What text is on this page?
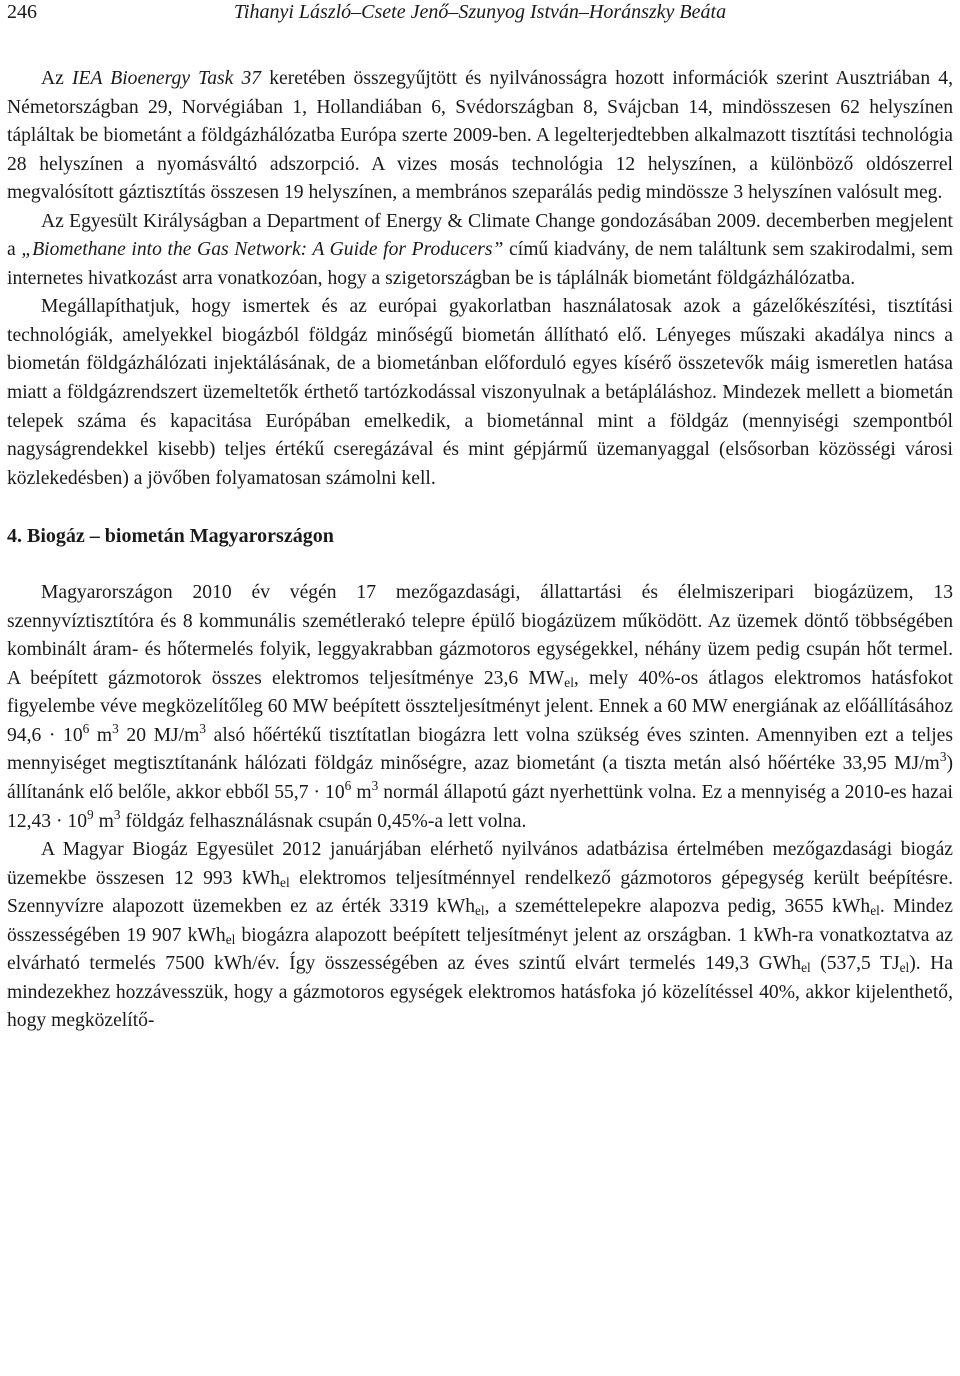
246	Tihanyi László–Csete Jenő–Szunyog István–Horánszky Beáta

Az IEA Bioenergy Task 37 keretében összegyűjtött és nyilvánosságra hozott információk szerint Ausztriában 4, Németországban 29, Norvégiában 1, Hollandiában 6, Svédországban 8, Svájcban 14, mindösszesen 62 helyszínen tápláltak be biometánt a földgázhálózatba Európa szerte 2009-ben. A legelterjedtebben alkalmazott tisztítási technológia 28 helyszínen a nyomásváltó adszorpció. A vizes mosás technológia 12 helyszínen, a különböző oldószerrel megvalósított gáztisztítás összesen 19 helyszínen, a membrános szeparálás pedig mindössze 3 helyszínen valósult meg.

Az Egyesült Királyságban a Department of Energy & Climate Change gondozásában 2009. decemberben megjelent a „Biomethane into the Gas Network: A Guide for Producers” című kiadvány, de nem találtunk sem szakirodalmi, sem internetes hivatkozást arra vonatkozóan, hogy a szigetországban be is táplálnák biometánt földgázhálózatba.

Megállapíthatjuk, hogy ismertek és az európai gyakorlatban használatosak azok a gázelőkészítési, tisztítási technológiák, amelyekkel biogázból földgáz minőségű biometán állítható elő. Lényeges műszaki akadálya nincs a biometán földgázhálózati injektálásának, de a biometánban előforduló egyes kísérő összetevők máig ismeretlen hatása miatt a földgázrendszert üzemeltetők érthető tartózkodással viszonyulnak a betápláláshoz. Mindezek mellett a biometán telepek száma és kapacitása Európában emelkedik, a biometánnal mint a földgáz (mennyiségi szempontból nagyságrendekkel kisebb) teljes értékű cseregázával és mint gépjármű üzemanyaggal (elsősorban közösségi városi közlekedésben) a jövőben folyamatosan számolni kell.

4. Biogáz – biometán Magyarországon

Magyarországon 2010 év végén 17 mezőgazdasági, állattartási és élelmiszeripari biogázüzem, 13 szennyvíztisztítóra és 8 kommunális szemétlerakó telepre épülő biogázüzem működött. Az üzemek döntő többségében kombinált áram- és hőtermelés folyik, leggyakrabban gázmotoros egységekkel, néhány üzem pedig csupán hőt termel. A beépített gázmotorok összes elektromos teljesítménye 23,6 $MW_{el}$, mely 40%-os átlagos elektromos hatásfokot figyelembe véve megközelítőleg 60 MW beépített összteljesítményt jelent. Ennek a 60 MW energiának az előállításához $94,6 \cdot 10^6$ $m^3$ 20 $MJ/m^3$ alsó hőértékű tisztítatlan biogázra lett volna szükség éves szinten. Amennyiben ezt a teljes mennyiséget megtisztítanánk hálózati földgáz minőségre, azaz biometánt (a tiszta metán alsó hőértéke 33,95 $MJ/m^3$) állítanánk elő belőle, akkor ebből $55,7 \cdot 10^6$ $m^3$ normál állapotú gázt nyerhettünk volna. Ez a mennyiség a 2010-es hazai $12,43 \cdot 10^9$ $m^3$ földgáz felhasználásnak csupán 0,45%-a lett volna.

A Magyar Biogáz Egyesület 2012 januárjában elérhető nyilvános adatbázisa értelmében mezőgazdasági biogáz üzemekbe összesen 12 993 kWh$_{el}$ elektromos teljesítménnyel rendelkező gázmotoros gépegység került beépítésre. Szennyvízre alapozott üzemekben ez az érték 3319 kWh$_{el}$, a szeméttelepekre alapozva pedig, 3655 kWh$_{el}$. Mindez összességében 19 907 kWh$_{el}$ biogázra alapozott beépített teljesítményt jelent az országban. 1 kWh-ra vonatkoztatva az elvárható termelés 7500 kWh/év. Így összességében az éves szintű elvárt termelés 149,3 GWh$_{el}$ (537,5 $TJ_{el}$). Ha mindezekhez hozzávesszük, hogy a gázmotoros egységek elektromos hatásfoka jó közelítéssel 40%, akkor kijelenthető, hogy megközelítő-
